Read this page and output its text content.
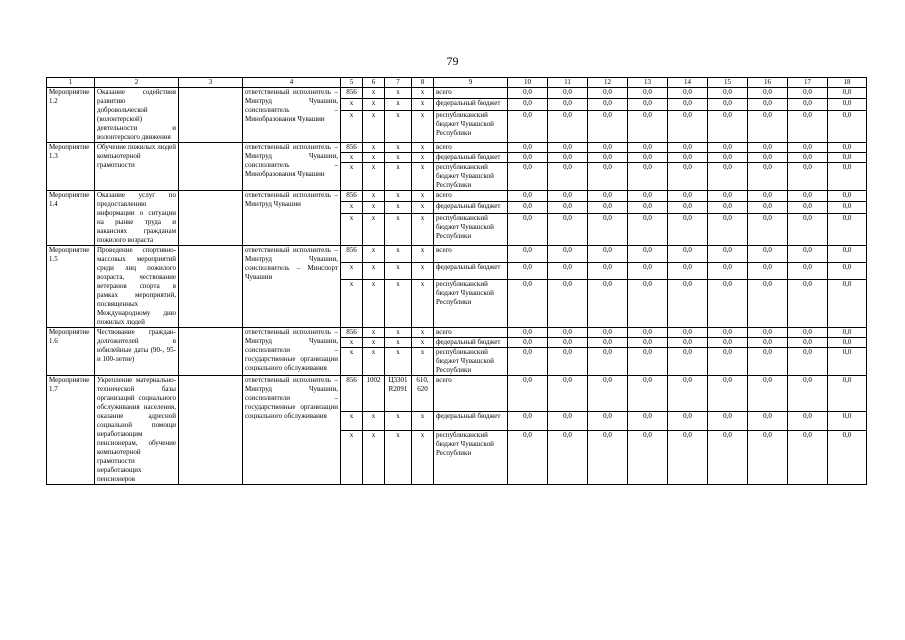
79
1	2	3	4	5	6	7	8	9	10	11	12	13	14	15	16	17	18
Мероприятие 1.2	Оказание содействия развитию добровольческой (волонтерской) деятельности и волонтерского движения		ответственный исполнитель – Минтруд Чувашии, соисполнитель – Минобразования Чувашии	856	х	х	х	всего	0,0	0,0	0,0	0,0	0,0	0,0	0,0	0,0	0,0
				х	х	х	х	федеральный бюджет	0,0	0,0	0,0	0,0	0,0	0,0	0,0	0,0	0,0
				х	х	х	х	республиканский бюджет Чувашской Республики	0,0	0,0	0,0	0,0	0,0	0,0	0,0	0,0	0,0
Мероприятие 1.3	Обучение пожилых людей компьютерной грамотности		ответственный исполнитель – Минтруд Чувашии, соисполнитель – Минобразования Чувашии	856	х	х	х	всего	0,0	0,0	0,0	0,0	0,0	0,0	0,0	0,0	0,0
				х	х	х	х	федеральный бюджет	0,0	0,0	0,0	0,0	0,0	0,0	0,0	0,0	0,0
				х	х	х	х	республиканский бюджет Чувашской Республики	0,0	0,0	0,0	0,0	0,0	0,0	0,0	0,0	0,0
Мероприятие 1.4	Оказание услуг по предоставлению информации о ситуации на рынке труда и вакансиях гражданам пожилого возраста		ответственный исполнитель – Минтруд Чувашии	856	х	х	х	всего	0,0	0,0	0,0	0,0	0,0	0,0	0,0	0,0	0,0
				х	х	х	х	федеральный бюджет	0,0	0,0	0,0	0,0	0,0	0,0	0,0	0,0	0,0
				х	х	х	х	республиканский бюджет Чувашской Республики	0,0	0,0	0,0	0,0	0,0	0,0	0,0	0,0	0,0
Мероприятие 1.5	Проведение спортивно-массовых мероприятий среди лиц пожилого возраста, чествование ветеранов спорта в рамках мероприятий, посвященных Международному дню пожилых людей		ответственный исполнитель – Минтруд Чувашии, соисполнитель – Минспорт Чувашии	856	х	х	х	всего	0,0	0,0	0,0	0,0	0,0	0,0	0,0	0,0	0,0
				х	х	х	х	федеральный бюджет	0,0	0,0	0,0	0,0	0,0	0,0	0,0	0,0	0,0
				х	х	х	х	республиканский бюджет Чувашской Республики	0,0	0,0	0,0	0,0	0,0	0,0	0,0	0,0	0,0
Мероприятие 1.6	Чествование граждан-долгожителей в юбилейные даты (90-, 95- и 100-летие)		ответственный исполнитель – Минтруд Чувашии, соисполнители – государственные организации социального обслуживания	856	х	х	х	всего	0,0	0,0	0,0	0,0	0,0	0,0	0,0	0,0	0,0
				х	х	х	х	федеральный бюджет	0,0	0,0	0,0	0,0	0,0	0,0	0,0	0,0	0,0
				х	х	х	х	республиканский бюджет Чувашской Республики	0,0	0,0	0,0	0,0	0,0	0,0	0,0	0,0	0,0
Мероприятие 1.7	Укрепление материально-технической базы организаций социального обслуживания населения, оказание адресной социальной помощи неработающим пенсионерам, обучение компьютерной грамотности неработающих пенсионеров		ответственный исполнитель – Минтруд Чувашии, соисполнители – государственные организации социального обслуживания	856	1002	Ц3301 R2091	610, 620	всего	0,0	0,0	0,0	0,0	0,0	0,0	0,0	0,0	0,0
				х	х	х	х	федеральный бюджет	0,0	0,0	0,0	0,0	0,0	0,0	0,0	0,0	0,0
				х	х	х	х	республиканский бюджет Чувашской Республики	0,0	0,0	0,0	0,0	0,0	0,0	0,0	0,0	0,0
